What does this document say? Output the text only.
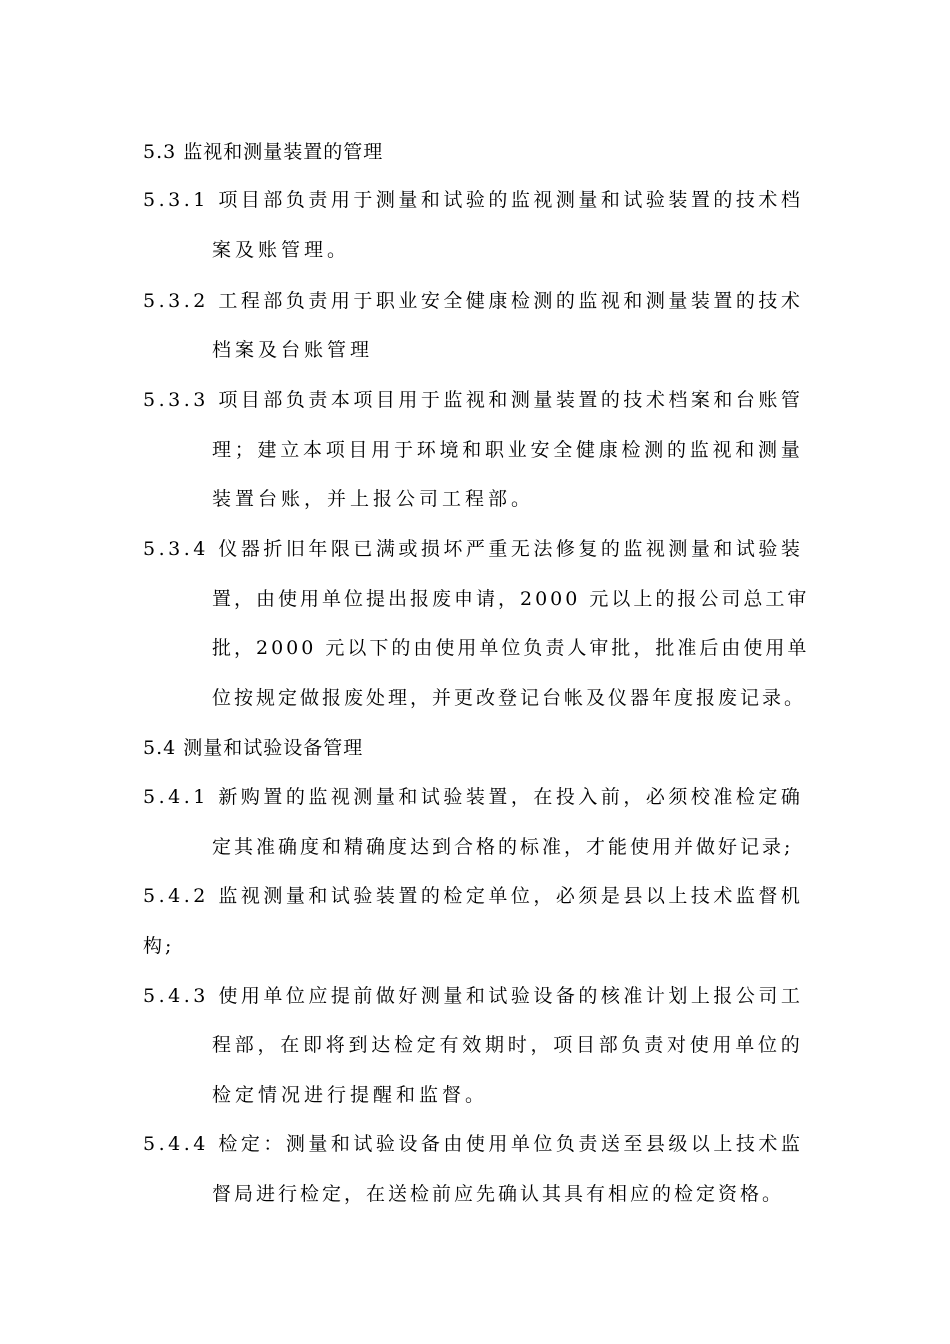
5.3 监视和测量装置的管理
5.3.1 项目部负责用于测量和试验的监视测量和试验装置的技术档
案及账管理。
5.3.2 工程部负责用于职业安全健康检测的监视和测量装置的技术
档案及台账管理
5.3.3 项目部负责本项目用于监视和测量装置的技术档案和台账管
理；建立本项目用于环境和职业安全健康检测的监视和测量
装置台账，并上报公司工程部。
5.3.4 仪器折旧年限已满或损坏严重无法修复的监视测量和试验装
置，由使用单位提出报废申请，2000 元以上的报公司总工审
批，2000 元以下的由使用单位负责人审批，批准后由使用单
位按规定做报废处理，并更改登记台帐及仪器年度报废记录。
5.4 测量和试验设备管理
5.4.1 新购置的监视测量和试验装置，在投入前，必须校准检定确
定其准确度和精确度达到合格的标准，才能使用并做好记录;
5.4.2 监视测量和试验装置的检定单位，必须是县以上技术监督机
构;
5.4.3 使用单位应提前做好测量和试验设备的核准计划上报公司工
程部，在即将到达检定有效期时，项目部负责对使用单位的
检定情况进行提醒和监督。
5.4.4 检定：测量和试验设备由使用单位负责送至县级以上技术监
督局进行检定，在送检前应先确认其具有相应的检定资格。
